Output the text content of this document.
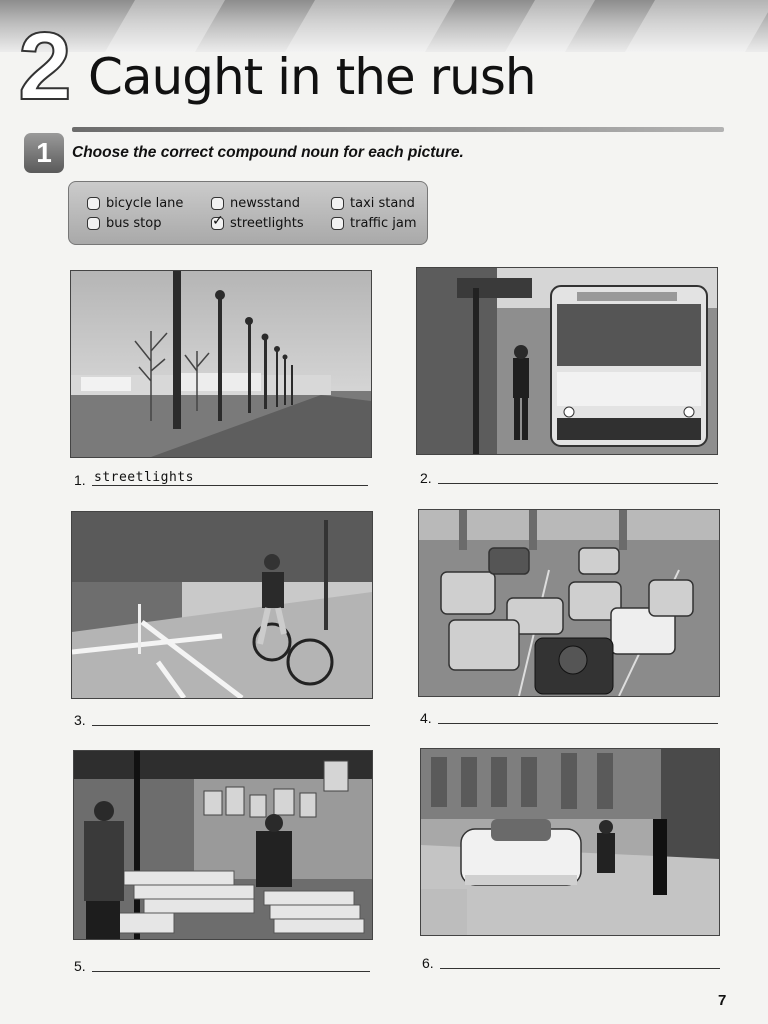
2 Caught in the rush
1	Choose the correct compound noun for each picture.
bicycle lane
bus stop
newsstand
✓ streetlights
taxi stand
traffic jam
1. streetlights	2.
3.	4.
5.	6.
7
